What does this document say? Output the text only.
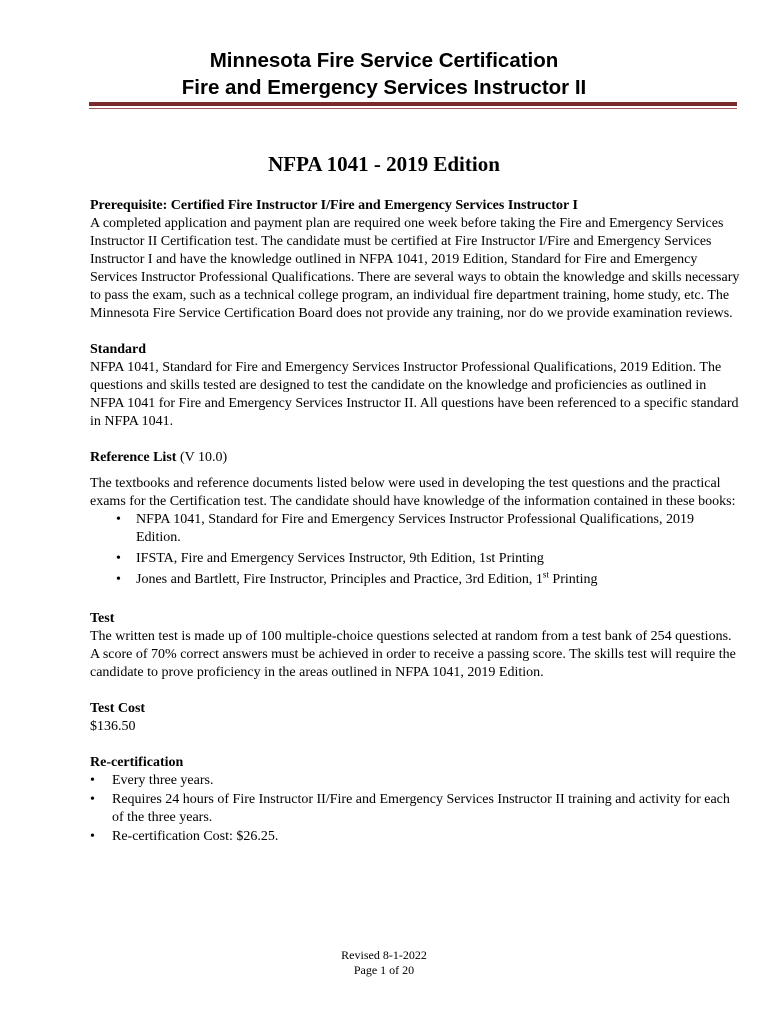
Minnesota Fire Service Certification
Fire and Emergency Services Instructor II
NFPA 1041 - 2019 Edition

Prerequisite: Certified Fire Instructor I/Fire and Emergency Services Instructor I

A completed application and payment plan are required one week before taking the Fire and Emergency Services Instructor II Certification test. The candidate must be certified at Fire Instructor I/Fire and Emergency Services Instructor I and have the knowledge outlined in NFPA 1041, 2019 Edition, Standard for Fire and Emergency Services Instructor Professional Qualifications. There are several ways to obtain the knowledge and skills necessary to pass the exam, such as a technical college program, an individual fire department training, home study, etc. The Minnesota Fire Service Certification Board does not provide any training, nor do we provide examination reviews.

Standard

NFPA 1041, Standard for Fire and Emergency Services Instructor Professional Qualifications, 2019 Edition. The questions and skills tested are designed to test the candidate on the knowledge and proficiencies as outlined in NFPA 1041 for Fire and Emergency Services Instructor II. All questions have been referenced to a specific standard in NFPA 1041.

Reference List (V 10.0)

The textbooks and reference documents listed below were used in developing the test questions and the practical exams for the Certification test. The candidate should have knowledge of the information contained in these books:

• NFPA 1041, Standard for Fire and Emergency Services Instructor Professional Qualifications, 2019 Edition.
• IFSTA, Fire and Emergency Services Instructor, 9th Edition, 1st Printing
• Jones and Bartlett, Fire Instructor, Principles and Practice, 3rd Edition, 1st Printing

Test

The written test is made up of 100 multiple-choice questions selected at random from a test bank of 254 questions. A score of 70% correct answers must be achieved in order to receive a passing score. The skills test will require the candidate to prove proficiency in the areas outlined in NFPA 1041, 2019 Edition.

Test Cost

$136.50

Re-certification

• Every three years.
• Requires 24 hours of Fire Instructor II/Fire and Emergency Services Instructor II training and activity for each of the three years.
• Re-certification Cost: $26.25.
Revised 8-1-2022
Page 1 of 20
